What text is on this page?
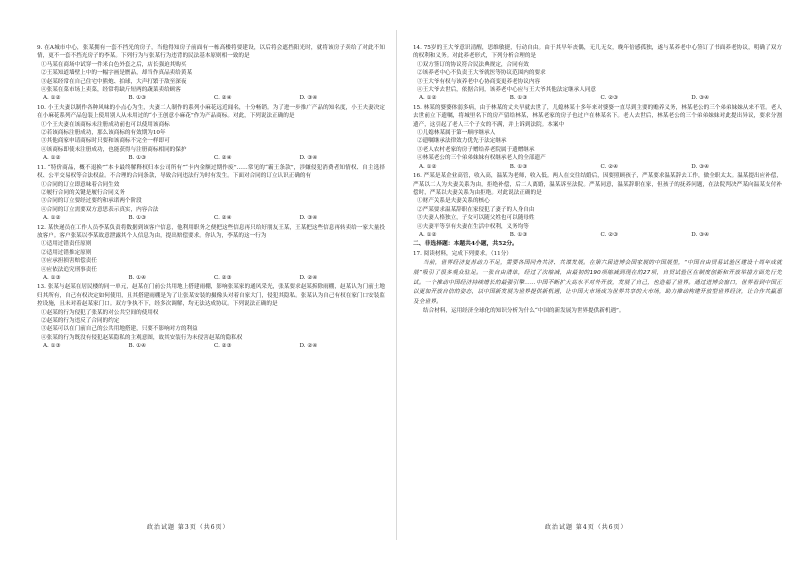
9. 在A城市中心，张某拥有一套不挡光的房子，当他得知房子前面有一栋高楼将要建设，以后将会遮挡阳光时，就将该房子卖给了对此不知情，更不一套不挡光房子的李某。下列行为与张某行为违背的民法基本原则相一致的是
①马某在商场中试穿一件米白色外套之后，店长强迫其购买
②王某知道墙壁上中的一幅字画是赝品，却当作真品卖给黄某
③赵某经常在自己住宅中熊炮、拍球，大声打繁于敌至深夜
④张某在菜市场上卖菜，经常将缺斤短两的蔬菜卖给顾客
A. ①②	B. ①③	C. ②④	D. ③④
10. 小王夫妻以制作各种风味的小点心为生，夫妻二人制作的系列小麻花远近闻名，十分畅销。为了进一步推广产品的知名度，小王夫妻决定在小麻花系列产品包装上使用别人从未用过的“小王创意小麻花”作为产品商标。对此，下列说法正确的是
①个王夫妻在该商标未注册成功前也可以使用该商标
②若该商标注册成功，那么该商标的有效期为10年
③其他商家申请商标时只要和该商标不完全一样即可
④该商标即使未注册成功，也能获得与注册商标相同的保护
A. ①②	B. ①③	C. ②④	D. ③④
11. “特价商品，概不退换”“本卡最终解释权归本公司所有”“卡内金额过期作废”……常见的“霸王条款”，涉嫌侵犯消费者知情权、自主选择权、公平交易权等合法权益。不合理的合同条款，导致合同违法行为时有发生。下面对合同的订立认识正确的有
①合同的订立即意味着合同生效
②履行合同的关键是履行合同义务
③合同的订立要经过要约和承诺两个阶段
④合同的订立需要双方意思表示真实，内容合法
A. ①②	B. ①③	C. ②④	D. ③④
12. 某快递员在工作人员李某负责将数据到该客户信息，他利用职务之便把这些信息再只给好朋友王某，王某把这些信息再转卖给一家大量投放客户。客户张某以李某故意泄露其个人信息为由，提出赔偿要求。你认为，李某的这一行为
①适用过错责任原则
②适用过错推定原则
③应承担损害赔偿责任
④应依法追究刑事责任
A. ①③	B. ①④	C. ②③	D. ②④
13. 张某与赵某在居民楼的同一单元，赵某在门前公共用地上搭建雨棚，影响张某家的通风采光，张某要求赵某拆除雨棚，赵某认为门前土地归其所有，自己有权决定如何使用，且其搭建雨棚是为了让张某安装的摄像头对着自家大门，侵犯其隐私。张某认为自己有权在家门口安装监控设施，且未对着赵某家门口。双方争执不下，经多次调解，均无法达成协议。下列说法正确的是
①赵某的行为侵犯了张某的对公共空间的使用权
②赵某的行为违反了合同的约定
③赵某可以在门前自己的公共用地搭建，只要不影响对方的利益
④张某的行为既没有侵犯赵某隐私的主观意图，故其安装行为未侵害赵某的隐私权
A. ①③	B. ①④	C. ②③	D. ②④
政治试题 第3页（共6页）
14. 75岁的王大爷意识清醒，思维敏捷，行动自由。由于其早年丧偶，无儿无女，晚年倍感孤独，遂与某养老中心签订了书面养老协议，明确了双方的权利和义务。对此养老形式，下列分析合理的是
①双方签订的协议符合民法典规定，合同有效
②该养老中心不负责王大爷就医等协议范围内的要求
③王大爷有权与该养老中心协商变更养老协议内容
④王大爷去世后，依据合同，该养老中心应与王大爷其他法定继承人同意
A. ①②	B. ①③	C. ②③	D. ③④
15. 林某的婆婆体弱多病，由于林某的丈夫早就去世了，儿媳林某十多年来对婆婆一直尽到主要的赡养义务，林某老公的三个弟弟妹妹从来不管。老人去世前立下遗嘱，将城里名下的房产留给林某，林某老家的房子也过户在林某名下。老人去世后，林某老公的三个弟弟妹妹对此提出异议，要求分割遗产，这引起了老人三个子女的不满，并上诉到法院。本案中
①儿媳林某属于第一顺序继承人
②遗嘱继承法律效力优先于法定继承
③老人农村老家的房子赠给养老院属于遗赠继承
④林某老公的三个弟弟妹妹有权继承老人的全部遗产
A. ①②	B. ①③	C. ②④	D. ③④
16. 严某是某企业高管，收入高，温某为老师，收入低。两人在交往结婚后，因要照顾孩子，严某要求温某辞去工作，做全职太太。温某提出应补偿，严某以二人为夫妻关系为由，拒绝补偿，后二人离婚，温某诉至法院。严某同意，温某辞职在家，但孩子的抚养问题，在法院判决严某向温某支付补偿时，严某以夫妻关系为由拒绝。对此说法正确的是
①财产关系是夫妻关系的核心
②严某要求温某辞职在家侵犯了妻子的人身自由
③夫妻人格独立，子女可以随父姓也可以随母姓
④夫妻平等享有夫妻在生活中权利，义务均等
A. ①②	B. ①③	C. ②③	D. ③④
二、非选择题：本题共4小题，共52分。
17. 阅读材料，完成下列要求。（11分）
当前，世界经济复苏动力不足，需要各国同舟共济、共谋发展。在第六届进博会国家展的中国展里，“中国自由贸易试验区建设十周年成就展”吸引了很多观众驻足。一张自由清单，经过了次缩减，由最初的190项缩减到现在的27项，自贸试验区在制度创新和开放举措方面先行先试。一个推动中国经济持续增长的最强引擎……中国不断扩大高水平对外开放，发展了自己，也造福了世界。通过进博会窗口，世界看到中国正以更加开放自信的姿态，以中国新发展为世界提供新机遇，让中国大市场成为世界共享的大市场，助力推动构建开放型世界经济，让合作共赢惠及全世界。
结合材料，运用经济全球化的知识分析为什么“中国的新发展为世界提供新机遇”。
政治试题 第4页（共6页）
